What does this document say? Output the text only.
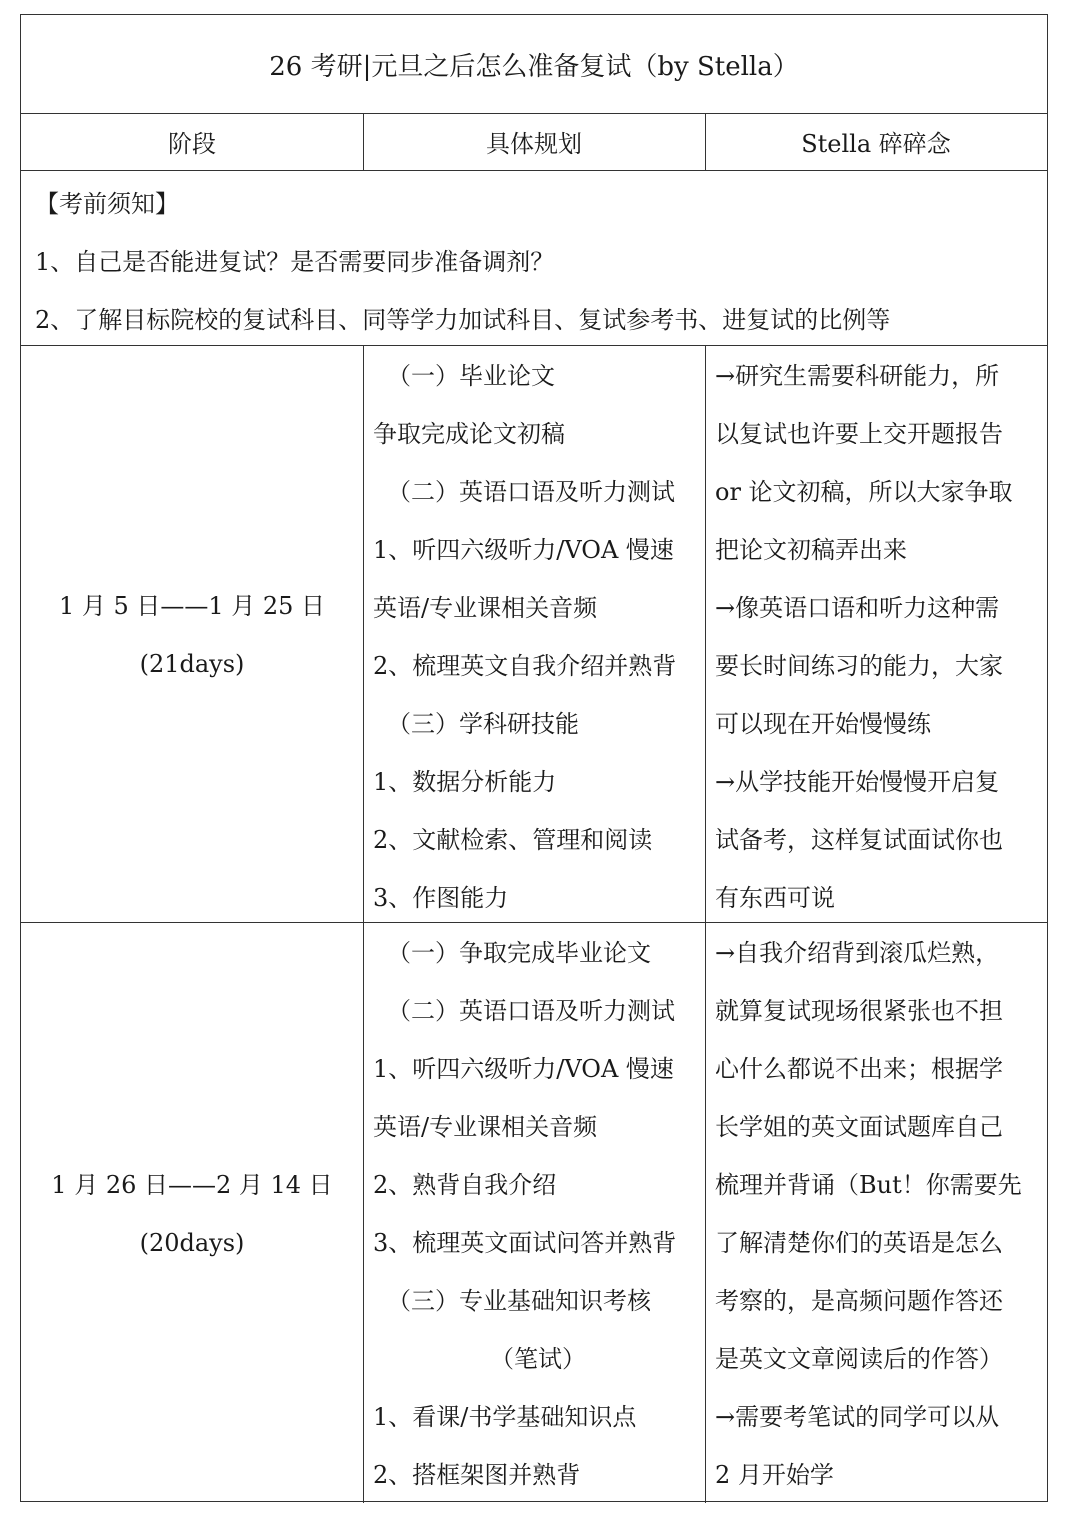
26 考研|元旦之后怎么准备复试（by Stella）
阶段	具体规划	Stella 碎碎念
【考前须知】
1、自己是否能进复试？是否需要同步准备调剂？
2、了解目标院校的复试科目、同等学力加试科目、复试参考书、进复试的比例等
1 月 5 日——1 月 25 日
(21days)
（一）毕业论文
争取完成论文初稿
（二）英语口语及听力测试
1、听四六级听力/VOA 慢速
英语/专业课相关音频
2、梳理英文自我介绍并熟背
（三）学科研技能
1、数据分析能力
2、文献检索、管理和阅读
3、作图能力
→研究生需要科研能力，所
以复试也许要上交开题报告
or 论文初稿，所以大家争取
把论文初稿弄出来
→像英语口语和听力这种需
要长时间练习的能力，大家
可以现在开始慢慢练
→从学技能开始慢慢开启复
试备考，这样复试面试你也
有东西可说
1 月 26 日——2 月 14 日
(20days)
（一）争取完成毕业论文
（二）英语口语及听力测试
1、听四六级听力/VOA 慢速
英语/专业课相关音频
2、熟背自我介绍
3、梳理英文面试问答并熟背
（三）专业基础知识考核
（笔试）
1、看课/书学基础知识点
2、搭框架图并熟背
→自我介绍背到滚瓜烂熟，
就算复试现场很紧张也不担
心什么都说不出来；根据学
长学姐的英文面试题库自己
梳理并背诵（But！你需要先
了解清楚你们的英语是怎么
考察的，是高频问题作答还
是英文文章阅读后的作答）
→需要考笔试的同学可以从
2 月开始学
